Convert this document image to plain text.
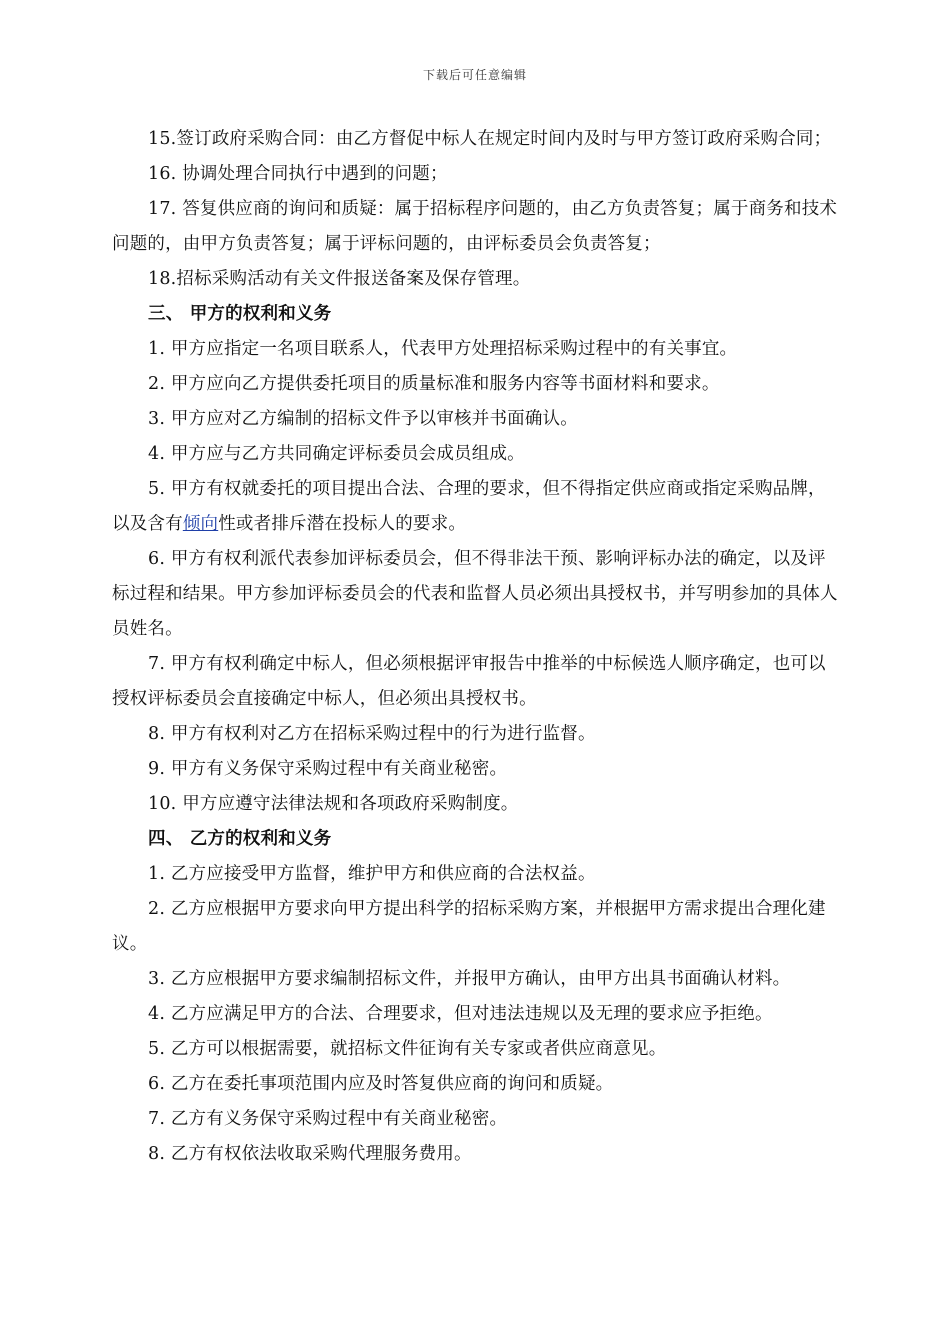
下载后可任意编辑

15.签订政府采购合同：由乙方督促中标人在规定时间内及时与甲方签订政府采购合同；

16. 协调处理合同执行中遇到的问题；

17. 答复供应商的询问和质疑：属于招标程序问题的，由乙方负责答复；属于商务和技术问题的，由甲方负责答复；属于评标问题的，由评标委员会负责答复；

18.招标采购活动有关文件报送备案及保存管理。

三、 甲方的权利和义务

1. 甲方应指定一名项目联系人，代表甲方处理招标采购过程中的有关事宜。

2. 甲方应向乙方提供委托项目的质量标准和服务内容等书面材料和要求。

3. 甲方应对乙方编制的招标文件予以审核并书面确认。

4. 甲方应与乙方共同确定评标委员会成员组成。

5. 甲方有权就委托的项目提出合法、合理的要求，但不得指定供应商或指定采购品牌，以及含有倾向性或者排斥潜在投标人的要求。

6. 甲方有权利派代表参加评标委员会，但不得非法干预、影响评标办法的确定，以及评标过程和结果。甲方参加评标委员会的代表和监督人员必须出具授权书，并写明参加的具体人员姓名。

7. 甲方有权利确定中标人，但必须根据评审报告中推举的中标候选人顺序确定，也可以授权评标委员会直接确定中标人，但必须出具授权书。

8. 甲方有权利对乙方在招标采购过程中的行为进行监督。

9. 甲方有义务保守采购过程中有关商业秘密。

10. 甲方应遵守法律法规和各项政府采购制度。

四、 乙方的权利和义务

1. 乙方应接受甲方监督，维护甲方和供应商的合法权益。

2. 乙方应根据甲方要求向甲方提出科学的招标采购方案，并根据甲方需求提出合理化建议。

3. 乙方应根据甲方要求编制招标文件，并报甲方确认，由甲方出具书面确认材料。

4. 乙方应满足甲方的合法、合理要求，但对违法违规以及无理的要求应予拒绝。

5. 乙方可以根据需要，就招标文件征询有关专家或者供应商意见。

6. 乙方在委托事项范围内应及时答复供应商的询问和质疑。

7. 乙方有义务保守采购过程中有关商业秘密。

8. 乙方有权依法收取采购代理服务费用。
